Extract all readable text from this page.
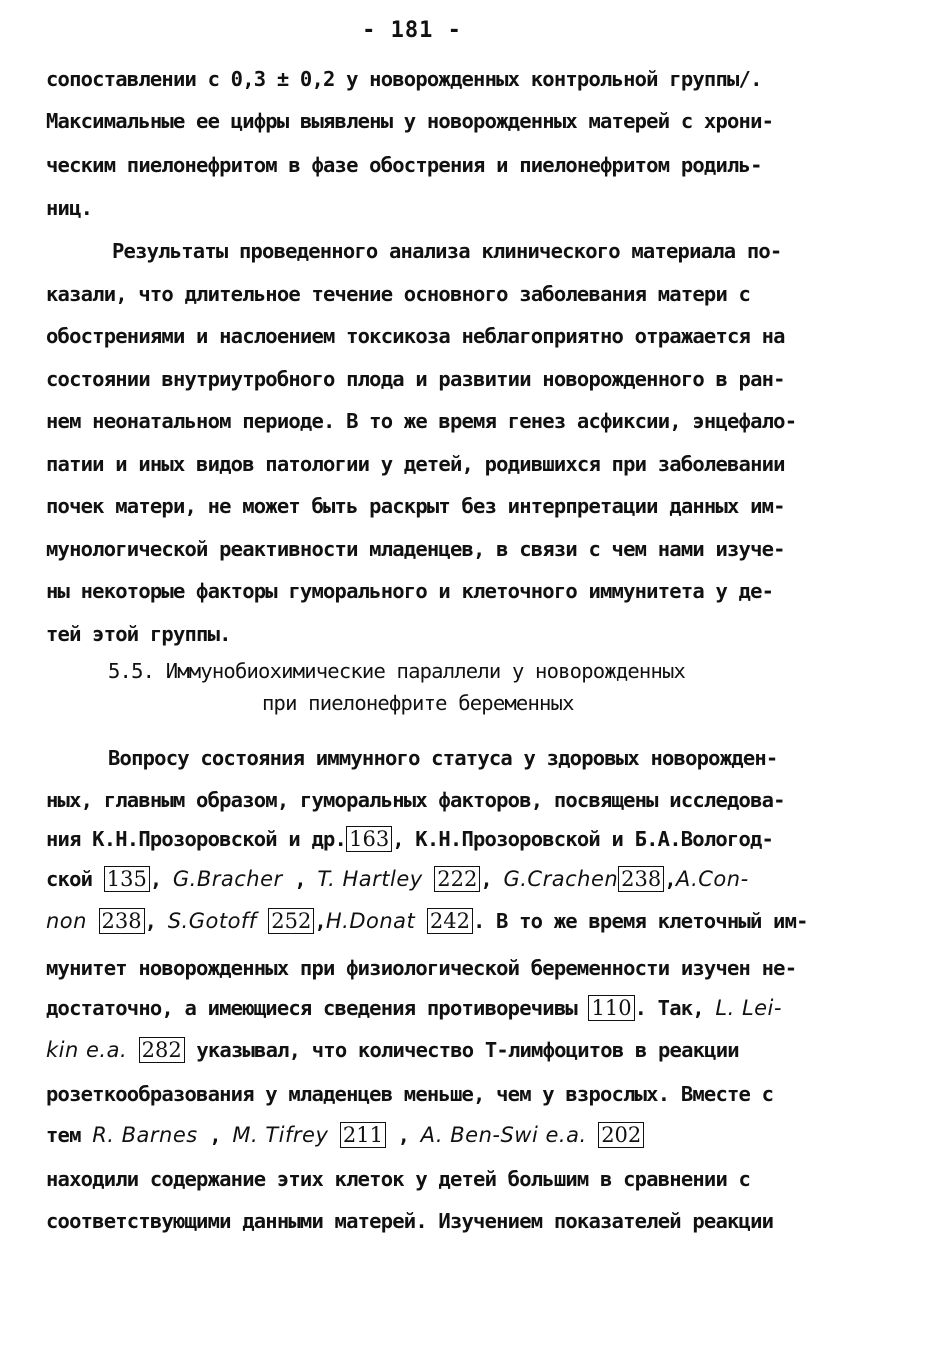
- 181 -
сопоставлении с 0,3 ± 0,2 у новорожденных контрольной группы/.
Максимальные ее цифры выявлены у новорожденных матерей с хрони-
ческим пиелонефритом в фазе обострения и пиелонефритом родиль-
ниц.
Результаты проведенного анализа клинического материала по-
казали, что длительное течение основного заболевания матери с
обострениями и наслоением токсикоза неблагоприятно отражается на
состоянии внутриутробного плода и развитии новорожденного в ран-
нем неонатальном периоде. В то же время генез асфиксии, энцефало-
патии и иных видов патологии у детей, родившихся при заболевании
почек матери, не может быть раскрыт без интерпретации данных им-
мунологической реактивности младенцев, в связи с чем нами изуче-
ны некоторые факторы гуморального и клеточного иммунитета у де-
тей этой группы.
5.5. Иммунобиохимические параллели у новорожденных
при пиелонефрите беременных
Вопросу состояния иммунного статуса у здоровых новорожден-
ных, главным образом, гуморальных факторов, посвящены исследова-
ния К.Н.Прозоровской и др. 163 , К.Н.Прозоровской и Б.А.Вологод-
ской 135 , G.Bracher , T. Hartley 222 , G.Crachen 238 ,A.Con-
non 238 , S.Gotoff 252 ,H.Donat 242 . В то же время клеточный им-
мунитет новорожденных при физиологической беременности изучен не-
достаточно, а имеющиеся сведения противоречивы 110 . Так, L. Lei-
kin e.a. 282 указывал, что количество Т-лимфоцитов в реакции
розеткообразования у младенцев меньше, чем у взрослых. Вместе с
тем R. Barnes , M. Tifrey 211 , A. Ben-Swi e.a. 202
находили содержание этих клеток у детей большим в сравнении с
соответствующими данными матерей. Изучением показателей реакции
